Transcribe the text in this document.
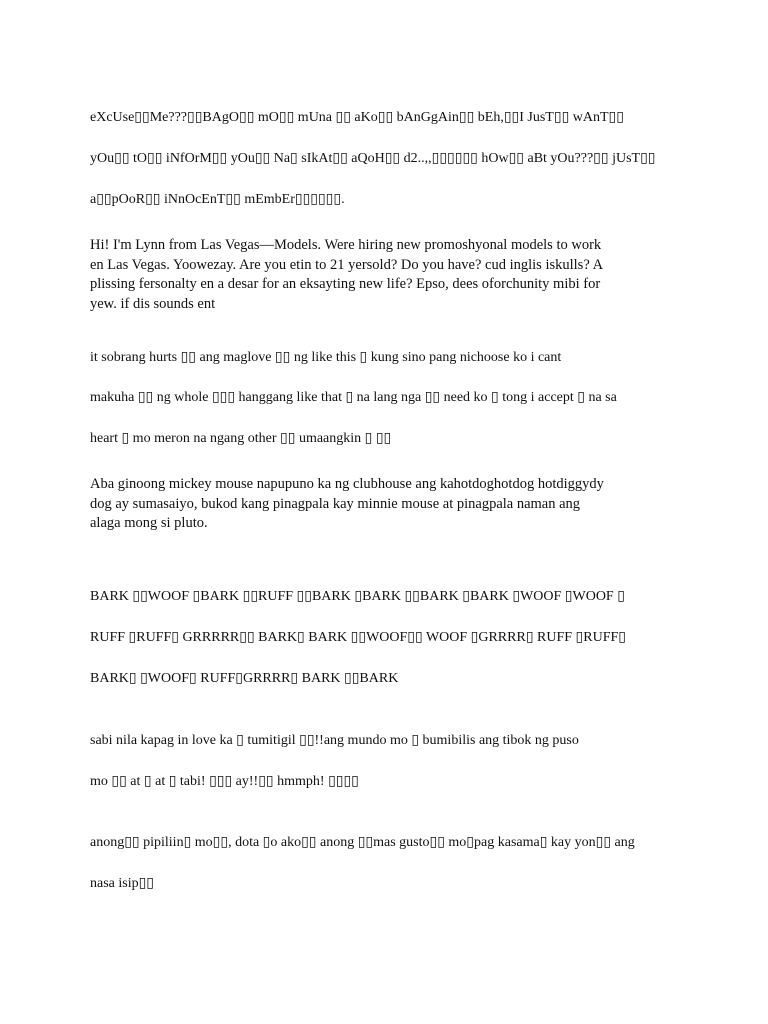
eXcUse▯▯Me???▯▯BAgO▯▯ mO▯▯ mUna ▯▯ aKo▯▯ bAnGgAin▯▯ bEh,▯▯I JusT▯▯ wAnT▯▯
yOu▯▯ tO▯▯ iNfOrM▯▯ yOu▯▯ Na▯ sIkAt▯▯ aQoH▯▯ d2..,,▯▯▯▯▯▯ hOw▯▯ aBt yOu???▯▯ jUsT▯▯
a▯▯pOoR▯▯ iNnOcEnT▯▯ mEmbEr▯▯▯▯▯▯.
Hi! I'm Lynn from Las Vegas—Models. Were hiring new promoshyonal models to work
en Las Vegas. Yoowezay. Are you etin to 21 yersold? Do you have? cud inglis iskulls? A
plissing fersonalty en a desar for an eksayting new life? Epso, dees oforchunity mibi for
yew. if dis sounds ent
it sobrang hurts ▯▯ ang maglove ▯▯ ng like this ▯ kung sino pang nichoose ko i cant
makuha ▯▯ ng whole ▯▯▯ hanggang like that ▯ na lang nga ▯▯ need ko ▯ tong i accept ▯ na sa
heart ▯ mo meron na ngang other ▯▯ umaangkin ▯ ▯▯
Aba ginoong mickey mouse napupuno ka ng clubhouse ang kahotdoghotdog hotdiggydy
dog ay sumasaiyo, bukod kang pinagpala kay minnie mouse at pinagpala naman ang
alaga mong si pluto.
BARK ▯▯WOOF ▯BARK ▯▯RUFF ▯▯BARK ▯BARK ▯▯BARK ▯BARK ▯WOOF ▯WOOF ▯
RUFF ▯RUFF▯ GRRRRR▯▯ BARK▯ BARK ▯▯WOOF▯▯ WOOF ▯GRRRR▯ RUFF ▯RUFF▯
BARK▯ ▯WOOF▯ RUFF▯GRRRR▯ BARK ▯▯BARK
sabi nila kapag in love ka ▯ tumitigil ▯▯!!ang mundo mo ▯ bumibilis ang tibok ng puso
mo ▯▯ at ▯ at ▯ tabi! ▯▯▯ ay!!▯▯ hmmph! ▯▯▯▯
anong▯▯ pipiliin▯ mo▯▯, dota ▯o ako▯▯ anong ▯▯mas gusto▯▯ mo▯pag kasama▯ kay yon▯▯ ang
nasa isip▯▯
